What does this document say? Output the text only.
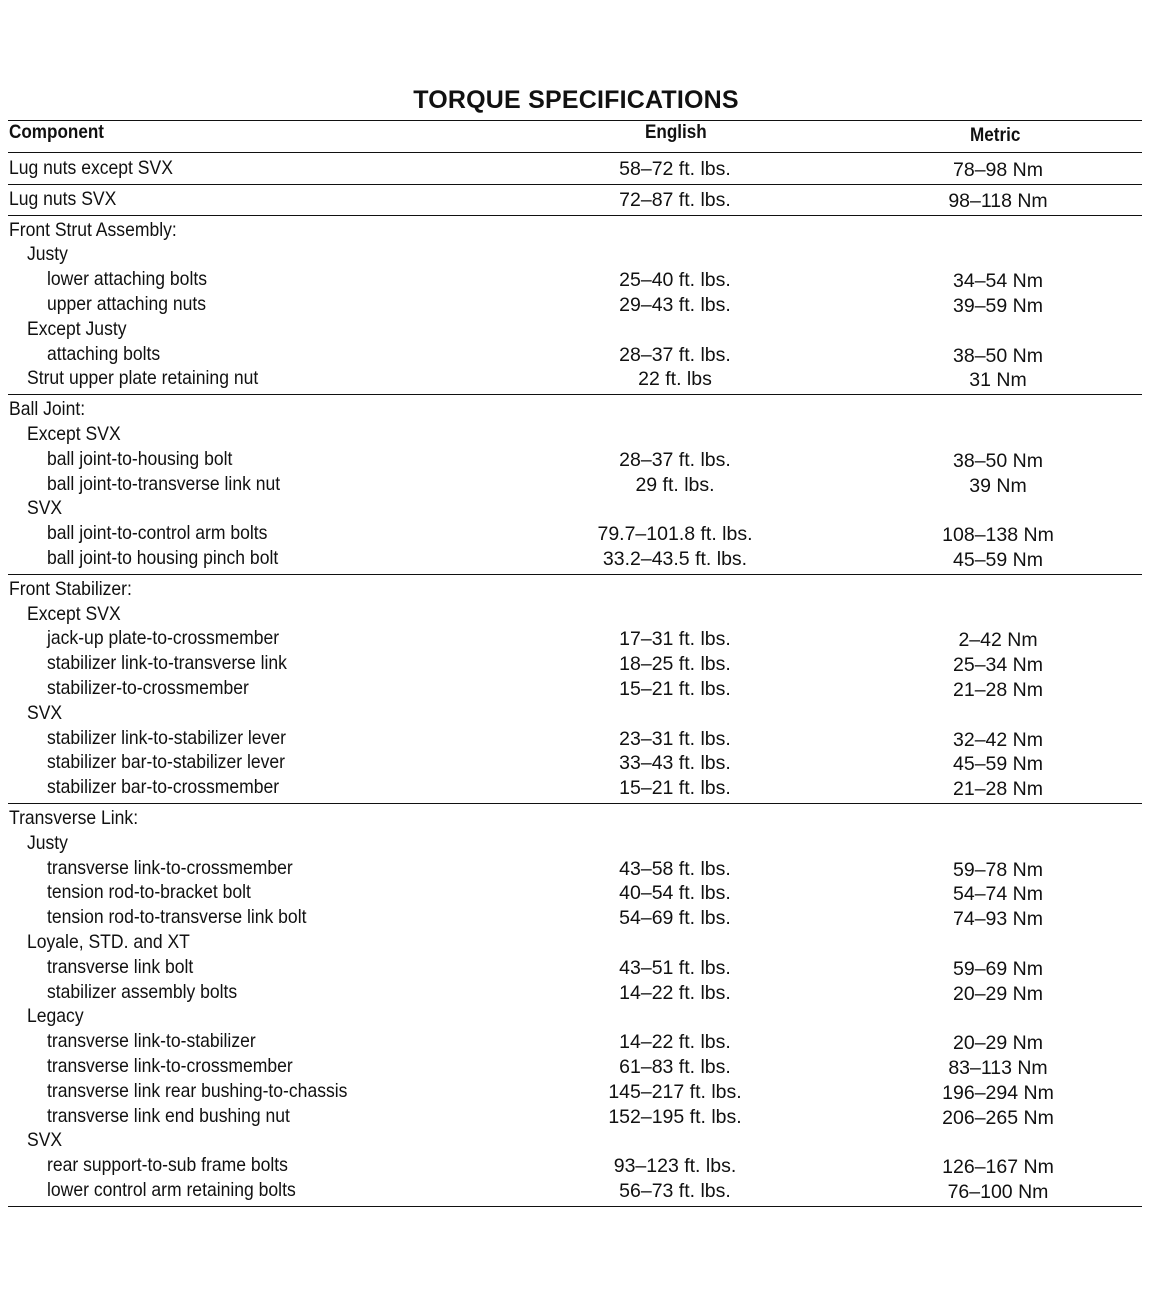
TORQUE SPECIFICATIONS
Component	English	Metric
Lug nuts except SVX	58–72 ft. lbs.	78–98 Nm
Lug nuts SVX	72–87 ft. lbs.	98–118 Nm
Front Strut Assembly:
Justy
lower attaching bolts	25–40 ft. lbs.	34–54 Nm
upper attaching nuts	29–43 ft. lbs.	39–59 Nm
Except Justy
attaching bolts	28–37 ft. lbs.	38–50 Nm
Strut upper plate retaining nut	22 ft. lbs	31 Nm
Ball Joint:
Except SVX
ball joint-to-housing bolt	28–37 ft. lbs.	38–50 Nm
ball joint-to-transverse link nut	29 ft. lbs.	39 Nm
SVX
ball joint-to-control arm bolts	79.7–101.8 ft. lbs.	108–138 Nm
ball joint-to housing pinch bolt	33.2–43.5 ft. lbs.	45–59 Nm
Front Stabilizer:
Except SVX
jack-up plate-to-crossmember	17–31 ft. lbs.	2–42 Nm
stabilizer link-to-transverse link	18–25 ft. lbs.	25–34 Nm
stabilizer-to-crossmember	15–21 ft. lbs.	21–28 Nm
SVX
stabilizer link-to-stabilizer lever	23–31 ft. lbs.	32–42 Nm
stabilizer bar-to-stabilizer lever	33–43 ft. lbs.	45–59 Nm
stabilizer bar-to-crossmember	15–21 ft. lbs.	21–28 Nm
Transverse Link:
Justy
transverse link-to-crossmember	43–58 ft. lbs.	59–78 Nm
tension rod-to-bracket bolt	40–54 ft. lbs.	54–74 Nm
tension rod-to-transverse link bolt	54–69 ft. lbs.	74–93 Nm
Loyale, STD. and XT
transverse link bolt	43–51 ft. lbs.	59–69 Nm
stabilizer assembly bolts	14–22 ft. lbs.	20–29 Nm
Legacy
transverse link-to-stabilizer	14–22 ft. lbs.	20–29 Nm
transverse link-to-crossmember	61–83 ft. lbs.	83–113 Nm
transverse link rear bushing-to-chassis	145–217 ft. lbs.	196–294 Nm
transverse link end bushing nut	152–195 ft. lbs.	206–265 Nm
SVX
rear support-to-sub frame bolts	93–123 ft. lbs.	126–167 Nm
lower control arm retaining bolts	56–73 ft. lbs.	76–100 Nm
